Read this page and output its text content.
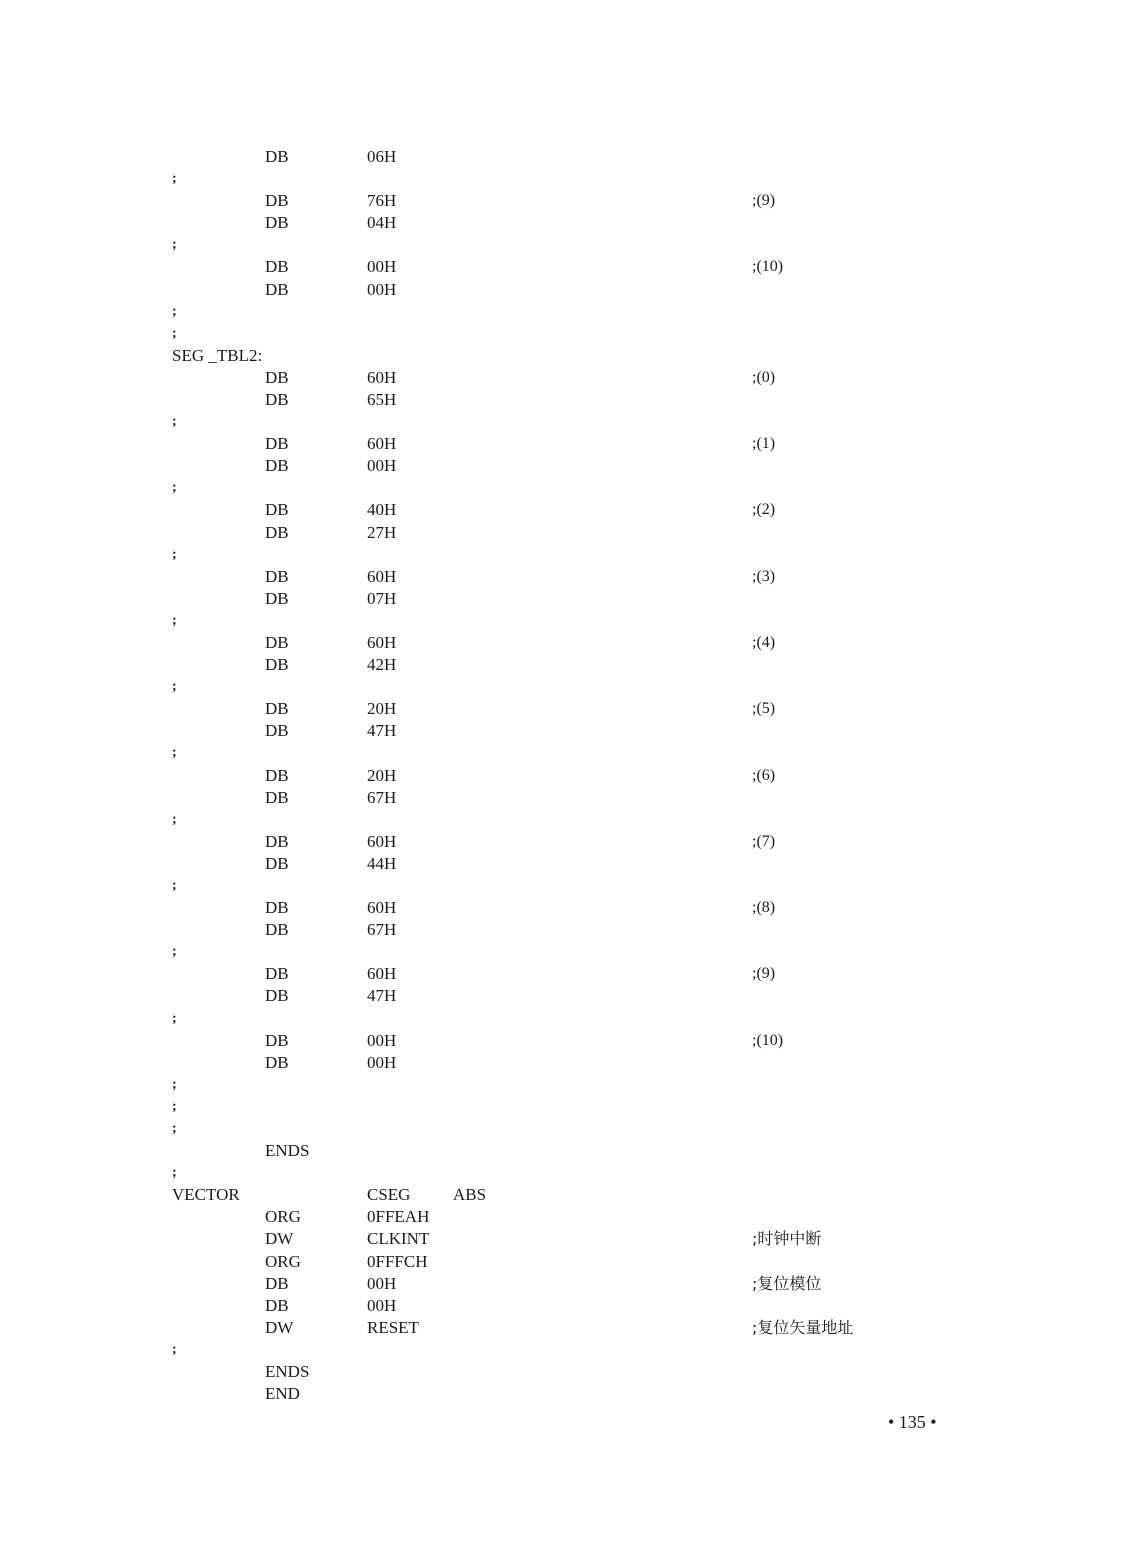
DB	06H
;
DB	76H	;(9)
DB	04H
;
DB	00H	;(10)
DB	00H
;
;
SEG _TBL2:
DB	60H	;(0)
DB	65H
;
DB	60H	;(1)
DB	00H
;
DB	40H	;(2)
DB	27H
;
DB	60H	;(3)
DB	07H
;
DB	60H	;(4)
DB	42H
;
DB	20H	;(5)
DB	47H
;
DB	20H	;(6)
DB	67H
;
DB	60H	;(7)
DB	44H
;
DB	60H	;(8)
DB	67H
;
DB	60H	;(9)
DB	47H
;
DB	00H	;(10)
DB	00H
;
;
;
ENDS
;
VECTOR	CSEG	ABS
ORG	0FFEAH
DW	CLKINT	;时钟中断
ORG	0FFFCH
DB	00H	;复位模位
DB	00H
DW	RESET	;复位矢量地址
;
ENDS
END
• 135 •
